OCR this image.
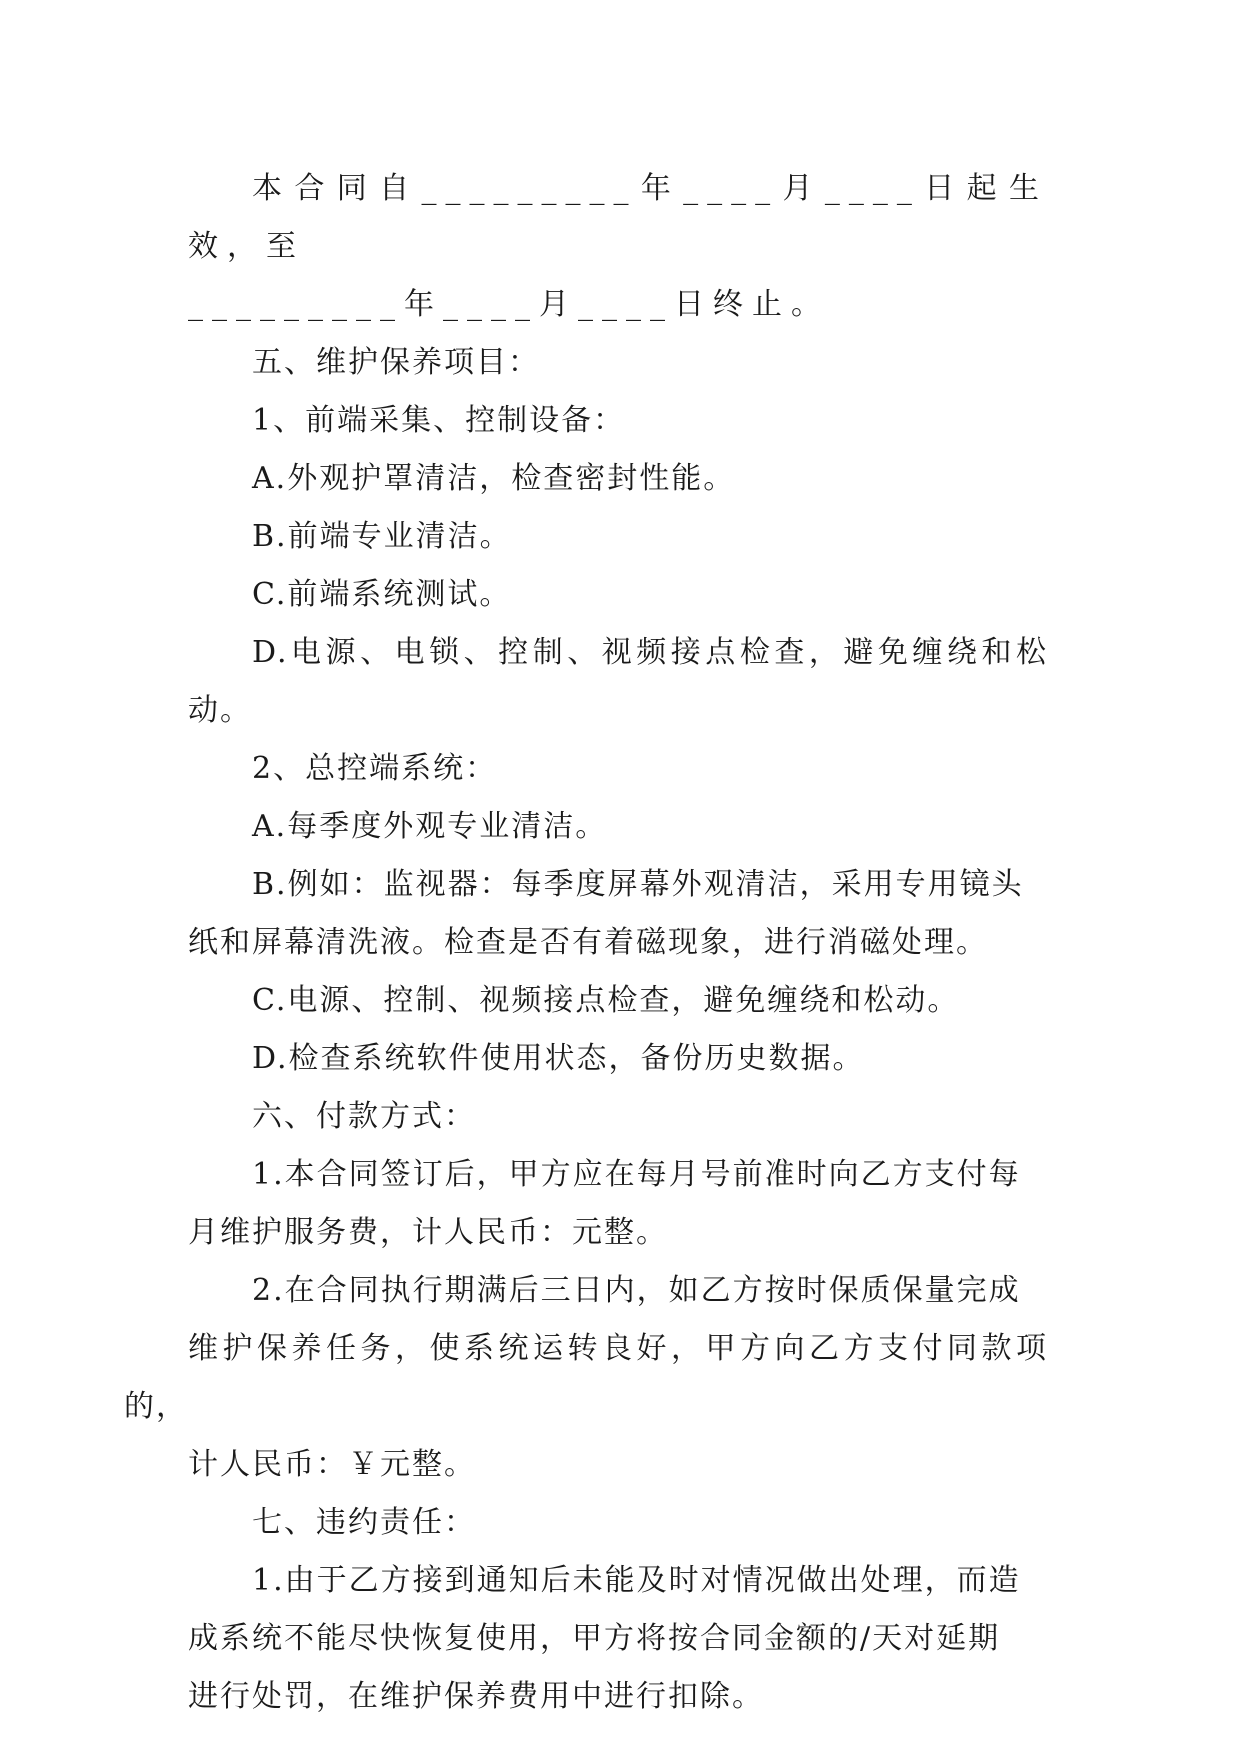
本合同自_________年____月____日起生效，至
_________年____月____日终止。

五、维护保养项目：

1、前端采集、控制设备：

A.外观护罩清洁，检查密封性能。

B.前端专业清洁。

C.前端系统测试。

D.电源、电锁、控制、视频接点检查，避免缠绕和松动。

2、总控端系统：

A.每季度外观专业清洁。

B.例如：监视器：每季度屏幕外观清洁，采用专用镜头
纸和屏幕清洗液。检查是否有着磁现象，进行消磁处理。

C.电源、控制、视频接点检查，避免缠绕和松动。

D.检查系统软件使用状态，备份历史数据。

六、付款方式：

1.本合同签订后，甲方应在每月号前准时向乙方支付每
月维护服务费，计人民币：元整。

2.在合同执行期满后三日内，如乙方按时保质保量完成
维护保养任务，使系统运转良好，甲方向乙方支付同款项的，
计人民币：￥元整。

七、违约责任：

1.由于乙方接到通知后未能及时对情况做出处理，而造
成系统不能尽快恢复使用，甲方将按合同金额的/天对延期
进行处罚，在维护保养费用中进行扣除。
